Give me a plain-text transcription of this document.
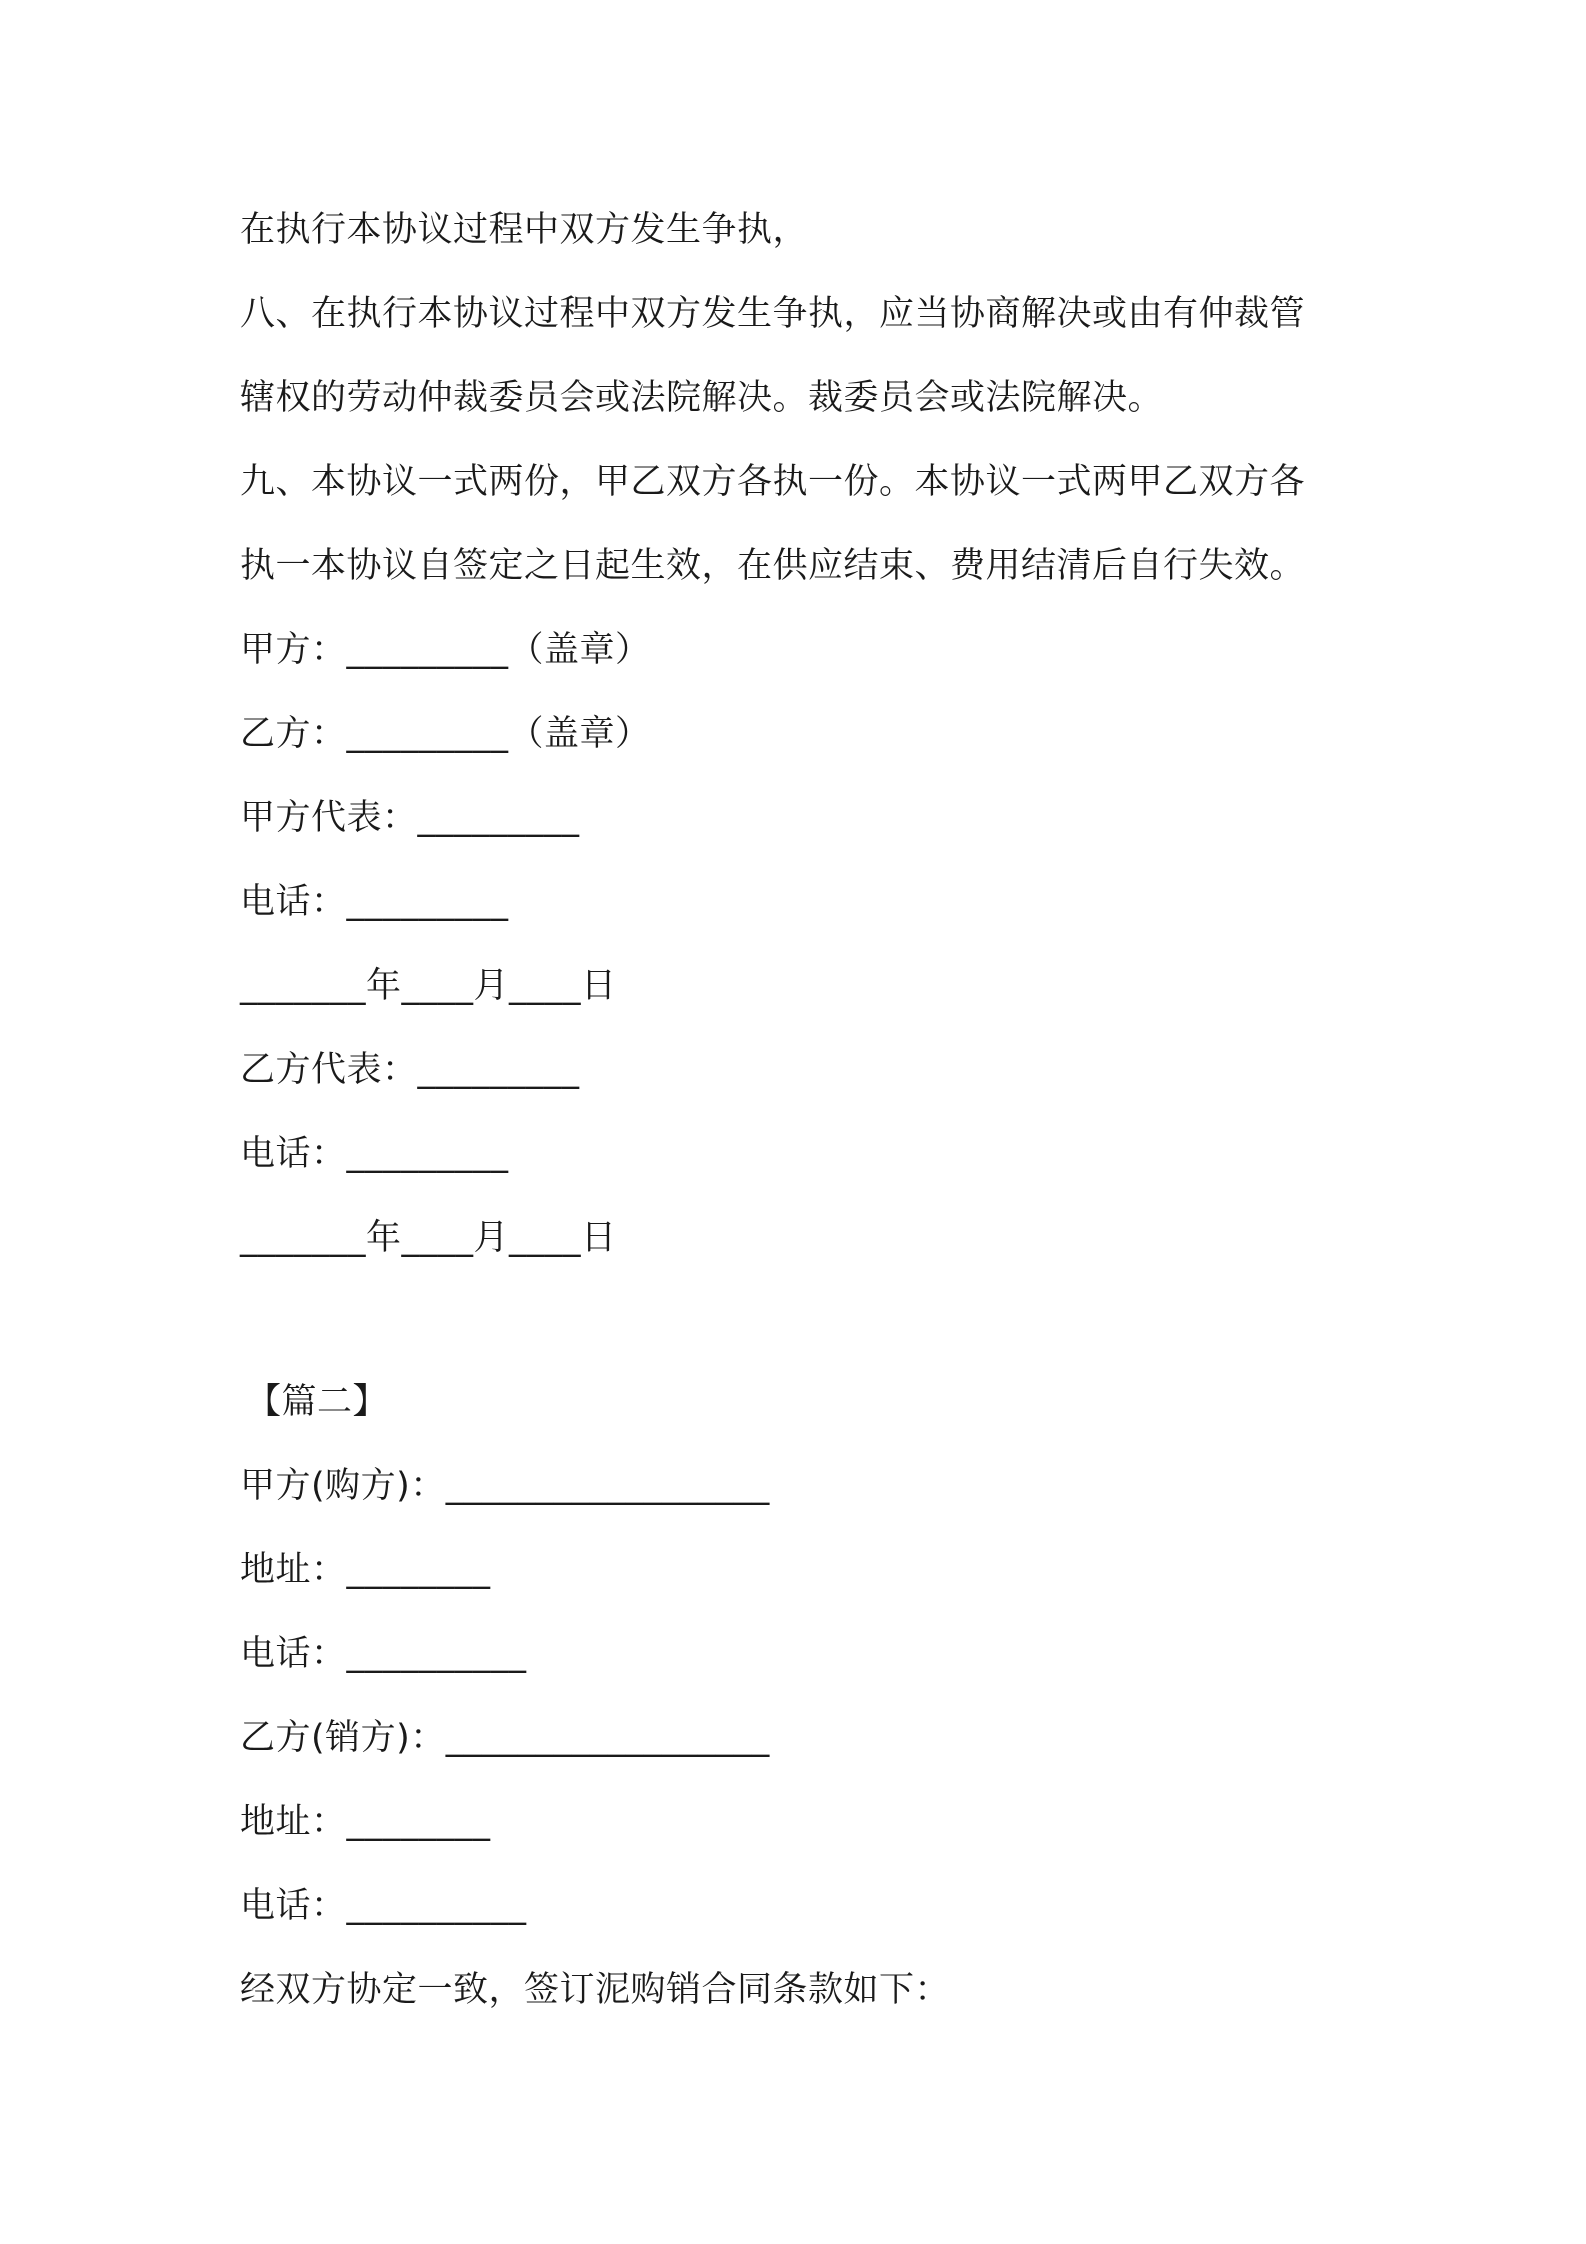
在执行本协议过程中双方发生争执，
八、在执行本协议过程中双方发生争执，应当协商解决或由有仲裁管
辖权的劳动仲裁委员会或法院解决。裁委员会或法院解决。
九、本协议一式两份，甲乙双方各执一份。本协议一式两甲乙双方各
执一本协议自签定之日起生效，在供应结束、费用结清后自行失效。
甲方：_________（盖章）
乙方：_________（盖章）
甲方代表：_________
电话：_________
_______年____月____日
乙方代表：_________
电话：_________
_______年____月____日
【篇二】
甲方(购方)：__________________
地址：________
电话：__________
乙方(销方)：__________________
地址：________
电话：__________
经双方协定一致，签订泥购销合同条款如下：
